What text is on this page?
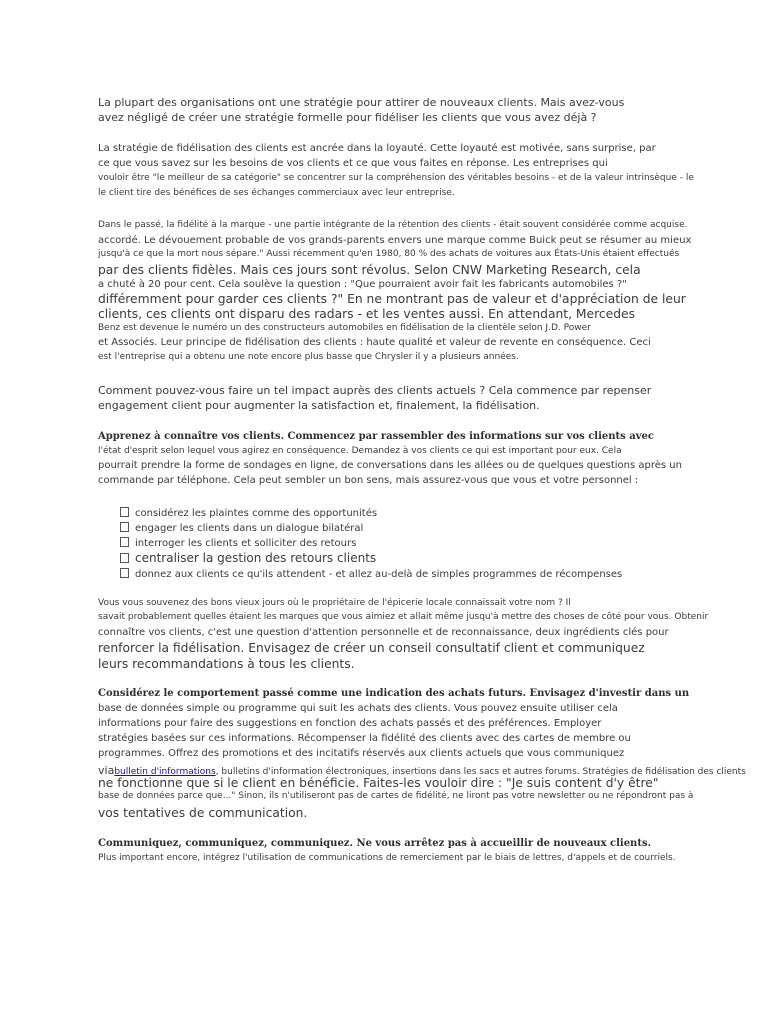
La plupart des organisations ont une stratégie pour attirer de nouveaux clients. Mais avez-vous

avez négligé de créer une stratégie formelle pour fidéliser les clients que vous avez déjà ?

La stratégie de fidélisation des clients est ancrée dans la loyauté. Cette loyauté est motivée, sans surprise, par

ce que vous savez sur les besoins de vos clients et ce que vous faites en réponse. Les entreprises qui

vouloir être "le meilleur de sa catégorie" se concentrer sur la compréhension des véritables besoins - et de la valeur intrinsèque - le

le client tire des bénéfices de ses échanges commerciaux avec leur entreprise.

Dans le passé, la fidélité à la marque - une partie intégrante de la rétention des clients - était souvent considérée comme acquise.

accordé. Le dévouement probable de vos grands-parents envers une marque comme Buick peut se résumer au mieux

jusqu'à ce que la mort nous sépare." Aussi récemment qu'en 1980, 80 % des achats de voitures aux États-Unis étaient effectués

par des clients fidèles. Mais ces jours sont révolus. Selon CNW Marketing Research, cela

a chuté à 20 pour cent. Cela soulève la question : "Que pourraient avoir fait les fabricants automobiles ?"

différemment pour garder ces clients ?" En ne montrant pas de valeur et d'appréciation de leur

clients, ces clients ont disparu des radars - et les ventes aussi. En attendant, Mercedes

Benz est devenue le numéro un des constructeurs automobiles en fidélisation de la clientèle selon J.D. Power

et Associés. Leur principe de fidélisation des clients : haute qualité et valeur de revente en conséquence. Ceci

est l'entreprise qui a obtenu une note encore plus basse que Chrysler il y a plusieurs années.

Comment pouvez-vous faire un tel impact auprès des clients actuels ? Cela commence par repenser

engagement client pour augmenter la satisfaction et, finalement, la fidélisation.

Apprenez à connaître vos clients. Commencez par rassembler des informations sur vos clients avec

l'état d'esprit selon lequel vous agirez en conséquence. Demandez à vos clients ce qui est important pour eux. Cela

pourrait prendre la forme de sondages en ligne, de conversations dans les allées ou de quelques questions après un

commande par téléphone. Cela peut sembler un bon sens, mais assurez-vous que vous et votre personnel :

considérez les plaintes comme des opportunités
engager les clients dans un dialogue bilatéral
interroger les clients et solliciter des retours
centraliser la gestion des retours clients
donnez aux clients ce qu'ils attendent - et allez au-delà de simples programmes de récompenses

Vous vous souvenez des bons vieux jours où le propriétaire de l'épicerie locale connaissait votre nom ? Il

savait probablement quelles étaient les marques que vous aimiez et allait même jusqu'à mettre des choses de côté pour vous. Obtenir

connaître vos clients, c'est une question d'attention personnelle et de reconnaissance, deux ingrédients clés pour

renforcer la fidélisation. Envisagez de créer un conseil consultatif client et communiquez

leurs recommandations à tous les clients.

Considérez le comportement passé comme une indication des achats futurs. Envisagez d'investir dans un

base de données simple ou programme qui suit les achats des clients. Vous pouvez ensuite utiliser cela

informations pour faire des suggestions en fonction des achats passés et des préférences. Employer

stratégies basées sur ces informations. Récompenser la fidélité des clients avec des cartes de membre ou

programmes. Offrez des promotions et des incitatifs réservés aux clients actuels que vous communiquez

viabulletin d'informations, bulletins d'information électroniques, insertions dans les sacs et autres forums. Stratégies de fidélisation des clients

ne fonctionne que si le client en bénéficie. Faites-les vouloir dire : "Je suis content d'y être"

base de données parce que..." Sinon, ils n'utiliseront pas de cartes de fidélité, ne liront pas votre newsletter ou ne répondront pas à

vos tentatives de communication.

Communiquez, communiquez, communiquez. Ne vous arrêtez pas à accueillir de nouveaux clients.

Plus important encore, intégrez l'utilisation de communications de remerciement par le biais de lettres, d'appels et de courriels.
